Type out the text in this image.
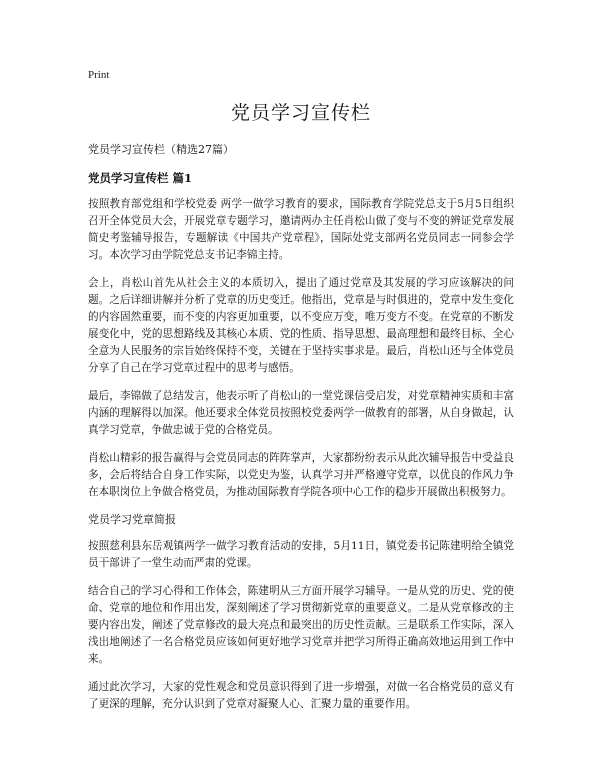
Print
党员学习宣传栏
党员学习宣传栏（精选27篇）
党员学习宣传栏 篇1

按照教育部党组和学校党委 两学一做学习教育的要求，国际教育学院党总支于5月5日组织召开全体党员大会，开展党章专题学习，邀请两办主任肖松山做了变与不变的辨证党章发展简史考鉴辅导报告，专题解读《中国共产党章程》，国际处党支部两名党员同志一同参会学习。本次学习由学院党总支书记李锦主持。

会上，肖松山首先从社会主义的本质切入，提出了通过党章及其发展的学习应该解决的问题。之后详细讲解并分析了党章的历史变迁。他指出，党章是与时俱进的，党章中发生变化的内容固然重要，而不变的内容更加重要，以不变应万变，唯万变方不变。在党章的不断发展变化中，党的思想路线及其核心本质、党的性质、指导思想、最高理想和最终目标、全心全意为人民服务的宗旨始终保持不变，关键在于坚持实事求是。最后，肖松山还与全体党员分享了自己在学习党章过程中的思考与感悟。

最后，李锦做了总结发言，他表示听了肖松山的一堂党课信受启发，对党章精神实质和丰富内涵的理解得以加深。他还要求全体党员按照校党委两学一做教育的部署，从自身做起，认真学习党章，争做忠诚于党的合格党员。

肖松山精彩的报告赢得与会党员同志的阵阵掌声，大家都纷纷表示从此次辅导报告中受益良多，会后将结合自身工作实际，以党史为鉴，认真学习并严格遵守党章，以优良的作风力争在本职岗位上争做合格党员，为推动国际教育学院各项中心工作的稳步开展做出积极努力。

党员学习党章简报

按照慈利县东岳观镇两学一做学习教育活动的安排，5月11日，镇党委书记陈建明给全镇党员干部讲了一堂生动而严肃的党课。

结合自己的学习心得和工作体会，陈建明从三方面开展学习辅导。一是从党的历史、党的使命、党章的地位和作用出发，深刻阐述了学习贯彻新党章的重要意义。二是从党章修改的主要内容出发，阐述了党章修改的最大亮点和最突出的历史性贡献。三是联系工作实际，深入浅出地阐述了一名合格党员应该如何更好地学习党章并把学习所得正确高效地运用到工作中来。

通过此次学习，大家的党性观念和党员意识得到了进一步增强，对做一名合格党员的意义有了更深的理解，充分认识到了党章对凝聚人心、汇聚力量的重要作用。
